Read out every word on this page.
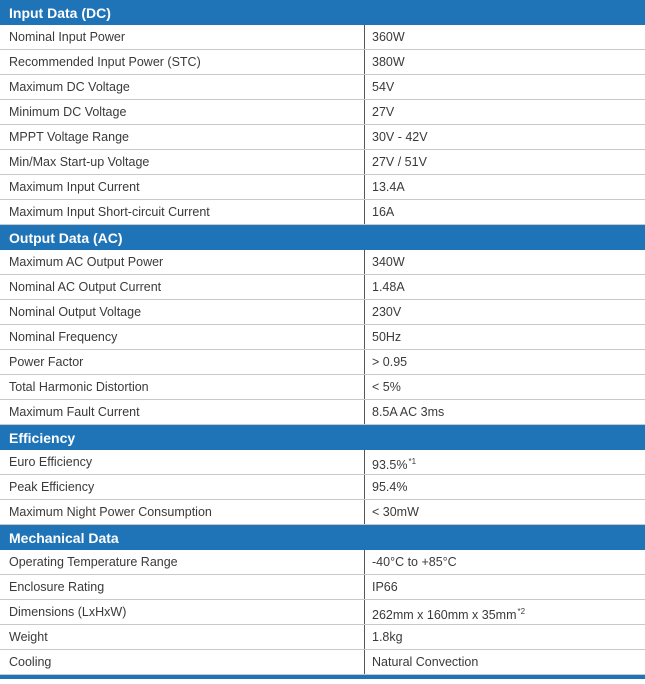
Input Data (DC)
Nominal Input Power	360W
Recommended Input Power (STC)	380W
Maximum DC Voltage	54V
Minimum DC Voltage	27V
MPPT Voltage Range	30V - 42V
Min/Max Start-up Voltage	27V / 51V
Maximum Input Current	13.4A
Maximum Input Short-circuit Current	16A
Output Data (AC)
Maximum AC Output Power	340W
Nominal AC Output Current	1.48A
Nominal Output Voltage	230V
Nominal Frequency	50Hz
Power Factor	> 0.95
Total Harmonic Distortion	< 5%
Maximum Fault Current	8.5A AC 3ms
Efficiency
Euro Efficiency	93.5%$^{*1}$
Peak Efficiency	95.4%
Maximum Night Power Consumption	< 30mW
Mechanical Data
Operating Temperature Range	-40°C to +85°C
Enclosure Rating	IP66
Dimensions (LxHxW)	262mm x 160mm x $35mm^{*2}$
Weight	1.8kg
Cooling	Natural Convection
